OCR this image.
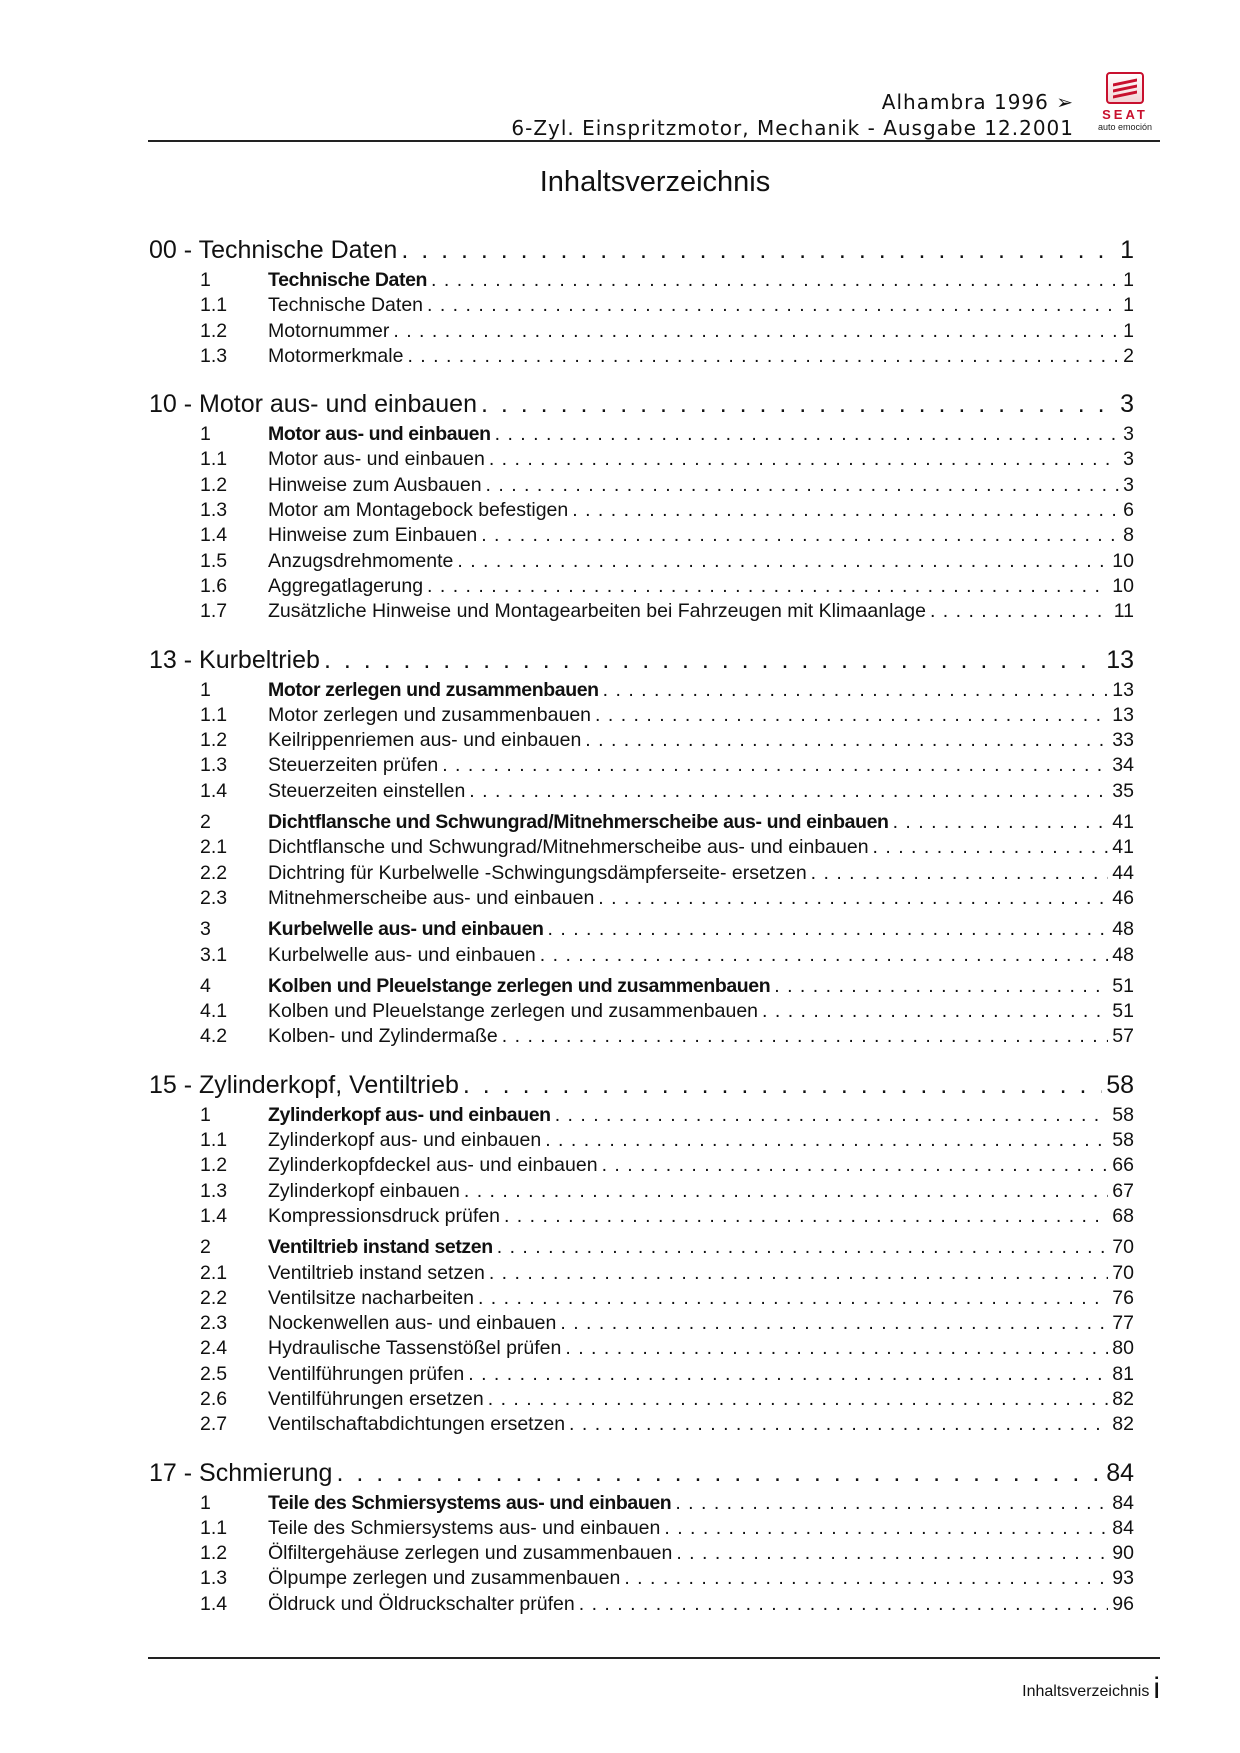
Alhambra 1996 ➢
6-Zyl. Einspritzmotor, Mechanik - Ausgabe 12.2001
SEAT
auto emoción
Inhaltsverzeichnis
00 - Technische Daten . . .	1
1	Technische Daten . . .	1
1.1	Technische Daten . . .	1
1.2	Motornummer . . .	1
1.3	Motormerkmale . . .	2
10 - Motor aus- und einbauen . . .	3
1	Motor aus- und einbauen . . .	3
1.1	Motor aus- und einbauen . . .	3
1.2	Hinweise zum Ausbauen . . .	3
1.3	Motor am Montagebock befestigen . . .	6
1.4	Hinweise zum Einbauen . . .	8
1.5	Anzugsdrehmomente . . .	10
1.6	Aggregatlagerung . . .	10
1.7	Zusätzliche Hinweise und Montagearbeiten bei Fahrzeugen mit Klimaanlage . . .	11
13 - Kurbeltrieb . . .	13
1	Motor zerlegen und zusammenbauen . . .	13
1.1	Motor zerlegen und zusammenbauen . . .	13
1.2	Keilrippenriemen aus- und einbauen . . .	33
1.3	Steuerzeiten prüfen . . .	34
1.4	Steuerzeiten einstellen . . .	35
2	Dichtflansche und Schwungrad/Mitnehmerscheibe aus- und einbauen . . .	41
2.1	Dichtflansche und Schwungrad/Mitnehmerscheibe aus- und einbauen . . .	41
2.2	Dichtring für Kurbelwelle -Schwingungsdämpferseite- ersetzen . . .	44
2.3	Mitnehmerscheibe aus- und einbauen . . .	46
3	Kurbelwelle aus- und einbauen . . .	48
3.1	Kurbelwelle aus- und einbauen . . .	48
4	Kolben und Pleuelstange zerlegen und zusammenbauen . . .	51
4.1	Kolben und Pleuelstange zerlegen und zusammenbauen . . .	51
4.2	Kolben- und Zylindermaße . . .	57
15 - Zylinderkopf, Ventiltrieb . . .	58
1	Zylinderkopf aus- und einbauen . . .	58
1.1	Zylinderkopf aus- und einbauen . . .	58
1.2	Zylinderkopfdeckel aus- und einbauen . . .	66
1.3	Zylinderkopf einbauen . . .	67
1.4	Kompressionsdruck prüfen . . .	68
2	Ventiltrieb instand setzen . . .	70
2.1	Ventiltrieb instand setzen . . .	70
2.2	Ventilsitze nacharbeiten . . .	76
2.3	Nockenwellen aus- und einbauen . . .	77
2.4	Hydraulische Tassenstößel prüfen . . .	80
2.5	Ventilführungen prüfen . . .	81
2.6	Ventilführungen ersetzen . . .	82
2.7	Ventilschaftabdichtungen ersetzen . . .	82
17 - Schmierung . . .	84
1	Teile des Schmiersystems aus- und einbauen . . .	84
1.1	Teile des Schmiersystems aus- und einbauen . . .	84
1.2	Ölfiltergehäuse zerlegen und zusammenbauen . . .	90
1.3	Ölpumpe zerlegen und zusammenbauen . . .	93
1.4	Öldruck und Öldruckschalter prüfen . . .	96
Inhaltsverzeichnis i
